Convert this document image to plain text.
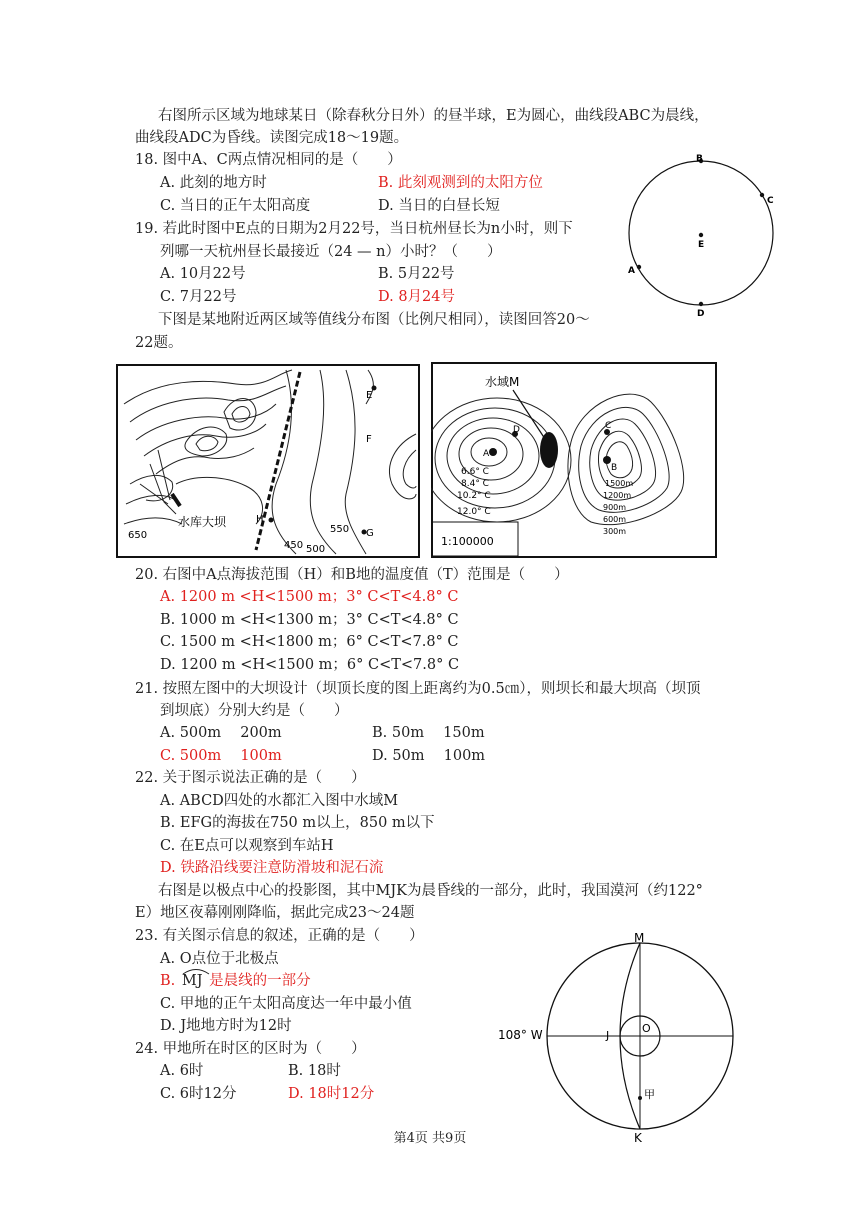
右图所示区域为地球某日（除春秋分日外）的昼半球，E为圆心，曲线段ABC为晨线，
曲线段ADC为昏线。读图完成18～19题。
18. 图中A、C两点情况相同的是（　　）
A. 此刻的地方时	B. 此刻观测到的太阳方位
C. 当日的正午太阳高度	D. 当日的白昼长短
19. 若此时图中E点的日期为2月22号，当日杭州昼长为n小时，则下
列哪一天杭州昼长最接近（24 — n）小时？（　　）
A. 10月22号	B. 5月22号
C. 7月22号	D. 8月24号
B
C
E
A
D
下图是某地附近两区域等值线分布图（比例尺相同），读图回答20～
22题。
E
F
H
G
650
水库大坝
450 500
550
水域M
A
D	C
B
6.6° C
8.4° C
10.2° C
12.0° C
1500m
1200m
900m
600m
300m
1:100000
20. 右图中A点海拔范围（H）和B地的温度值（T）范围是（　　）
A. 1200 m <H<1500 m；3° C<T<4.8° C
B. 1000 m <H<1300 m；3° C<T<4.8° C
C. 1500 m <H<1800 m；6° C<T<7.8° C
D. 1200 m <H<1500 m；6° C<T<7.8° C
21. 按照左图中的大坝设计（坝顶长度的图上距离约为0.5㎝），则坝长和最大坝高（坝顶
到坝底）分别大约是（　　）
A. 500m　 200m	B. 50m　 150m
C. 500m　 100m	D. 50m　 100m
22. 关于图示说法正确的是（　　）
A. ABCD四处的水都汇入图中水域M
B. EFG的海拔在750 m以上，850 m以下
C. 在E点可以观察到车站H
D. 铁路沿线要注意防滑坡和泥石流
右图是以极点中心的投影图，其中MJK为晨昏线的一部分，此时，我国漠河（约122°
E）地区夜幕刚刚降临，据此完成23～24题
23. 有关图示信息的叙述，正确的是（　　）
A. O点位于北极点
B. MJ 是晨线的一部分
C. 甲地的正午太阳高度达一年中最小值
D. J地地方时为12时
24. 甲地所在时区的区时为（　　）
A. 6时	B. 18时
C. 6时12分	D. 18时12分
M
J
O
甲
K
108° W
第4页 共9页
